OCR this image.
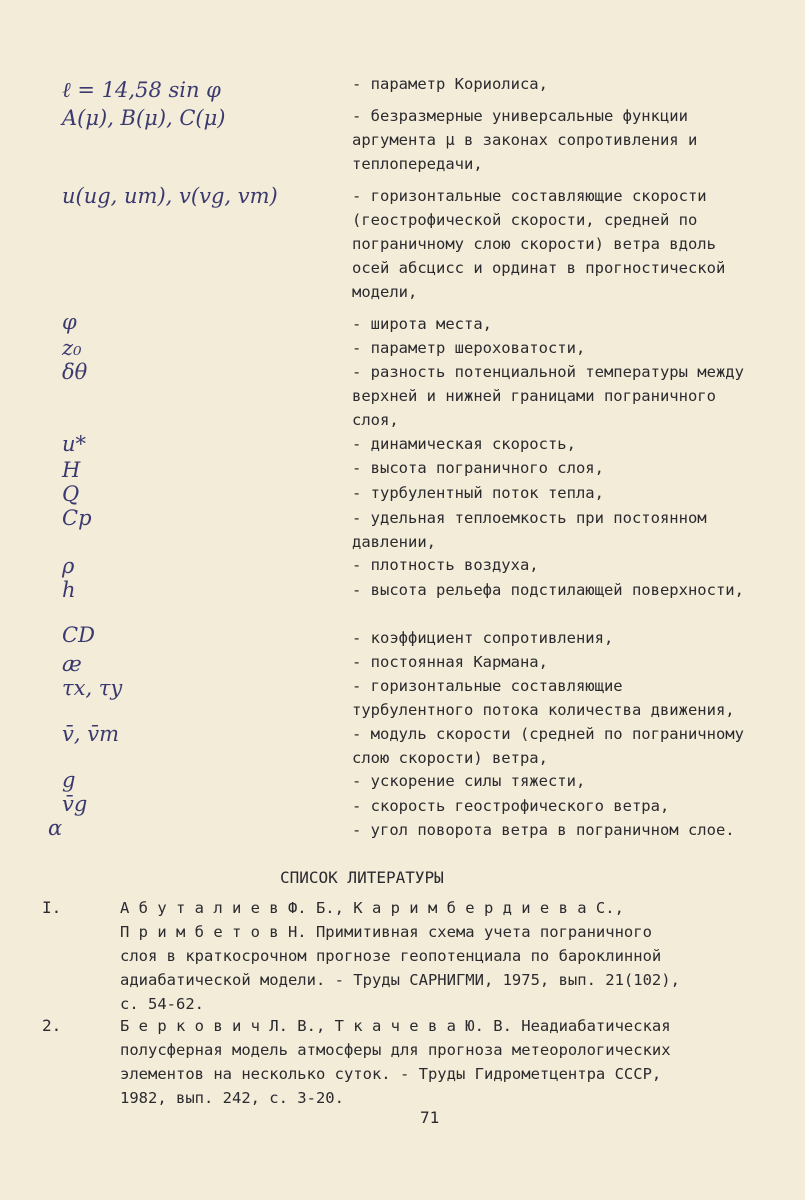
ℓ = 14,58 sin φ	- параметр Кориолиса,
A(μ), B(μ), C(μ)	- безразмерные универсальные функции аргумента μ в законах сопротивления и теплопередачи,
u(ug, um), v(vg, vm)	- горизонтальные составляющие скорости (геострофической скорости, средней по пограничному слою скорости) ветра вдоль осей абсцисс и ординат в прогностической модели,
φ	- широта места,
z₀	- параметр шероховатости,
δθ	- разность потенциальной температуры между верхней и нижней границами пограничного слоя,
u*	- динамическая скорость,
H	- высота пограничного слоя,
Q	- турбулентный поток тепла,
Cp	- удельная теплоемкость при постоянном давлении,
ρ	- плотность воздуха,
h	- высота рельефа подстилающей поверхности,
CD	- коэффициент сопротивления,
æ	- постоянная Кармана,
τx, τy	- горизонтальные составляющие турбулентного потока количества движения,
v̄, v̄m	- модуль скорости (средней по пограничному слою скорости) ветра,
g	- ускорение силы тяжести,
v̄g	- скорость геострофического ветра,
α	- угол поворота ветра в пограничном слое.
СПИСОК ЛИТЕРАТУРЫ
I.	А б у т а л и е в Ф. Б., К а р и м б е р д и е в а С.,
П р и м б е т о в Н. Примитивная схема учета пограничного
слоя в краткосрочном прогнозе геопотенциала по бароклинной
адиабатической модели. - Труды САРНИГМИ, 1975, вып. 21(102),
с. 54-62.
2.	Б е р к о в и ч Л. В., Т к а ч е в а Ю. В. Неадиабатическая
полусферная модель атмосферы для прогноза метеорологических
элементов на несколько суток. - Труды Гидрометцентра СССР,
1982, вып. 242, с. 3-20.
71
